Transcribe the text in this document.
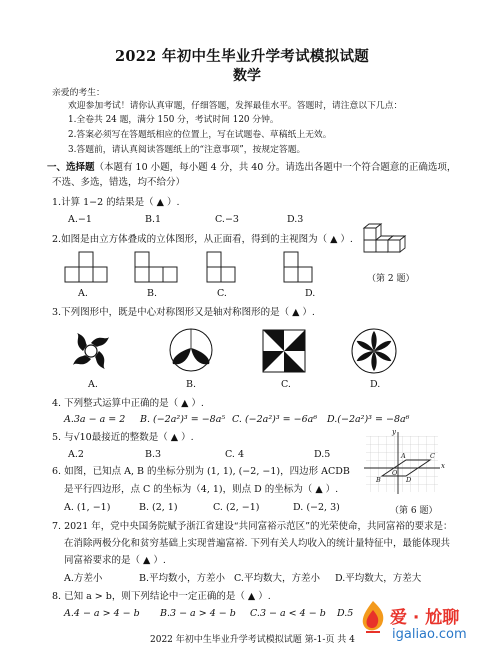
2022 年初中生毕业升学考试模拟试题
数学
亲爱的考生：
欢迎参加考试！请你认真审题，仔细答题，发挥最佳水平。答题时，请注意以下几点：
1.全卷共 24 题，满分 150 分，考试时间 120 分钟。
2.答案必须写在答题纸相应的位置上，写在试题卷、草稿纸上无效。
3.答题前，请认真阅读答题纸上的“注意事项”，按规定答题。
一、选择题（本题有 10 小题，每小题 4 分，共 40 分。请选出各题中一个符合题意的正确选项，
不选、多选，错选，均不给分）
1.计算 1−2 的结果是（ ▲ ）.
A.−1	B.1	C.−3	D.3
2.如图是由立方体叠成的立体图形，从正面看，得到的主视图为（ ▲ ）.
（第 2 题）
A.	B.	C.	D.
3.下列图形中，既是中心对称图形又是轴对称图形的是（ ▲ ）.
A.	B.	C.	D.
4. 下列整式运算中正确的是（ ▲ ）.
A.3a − a = 2 B. (−2a²)³ = −8a⁵ C. (−2a²)³ = −6a⁶ D.(−2a²)³ = −8a⁶
5. 与√10最接近的整数是（ ▲ ）.
A.2	B.3	C. 4	D.5
y
x
O
A
B
C
D
（第 6 题）
6. 如图，已知点 A, B 的坐标分别为 (1, 1), (−2, −1)，四边形 ACDB
是平行四边形，点 C 的坐标为（4, 1)，则点 D 的坐标为（ ▲ ）.
A. (1, −1)	B. (2, 1)	C. (2, −1)	D. (−2, 3)
7. 2021 年，党中央国务院赋予浙江省建设“共同富裕示范区”的光荣使命，共同富裕的要求是：
在消除两极分化和贫穷基础上实现普遍富裕. 下列有关人均收入的统计量特征中，最能体现共
同富裕要求的是（ ▲ ）.
A.方差小	B.平均数小，方差小 C.平均数大，方差小 D.平均数大，方差大
8. 已知 a > b，则下列结论中一定正确的是（ ▲ ）.
A.4 − a > 4 − b B.3 − a > 4 − b C.3 − a < 4 − b D.5
2022 年初中生毕业升学考试模拟试题 第-1-页 共 4
爱 · 尬聊
igaliao.com
